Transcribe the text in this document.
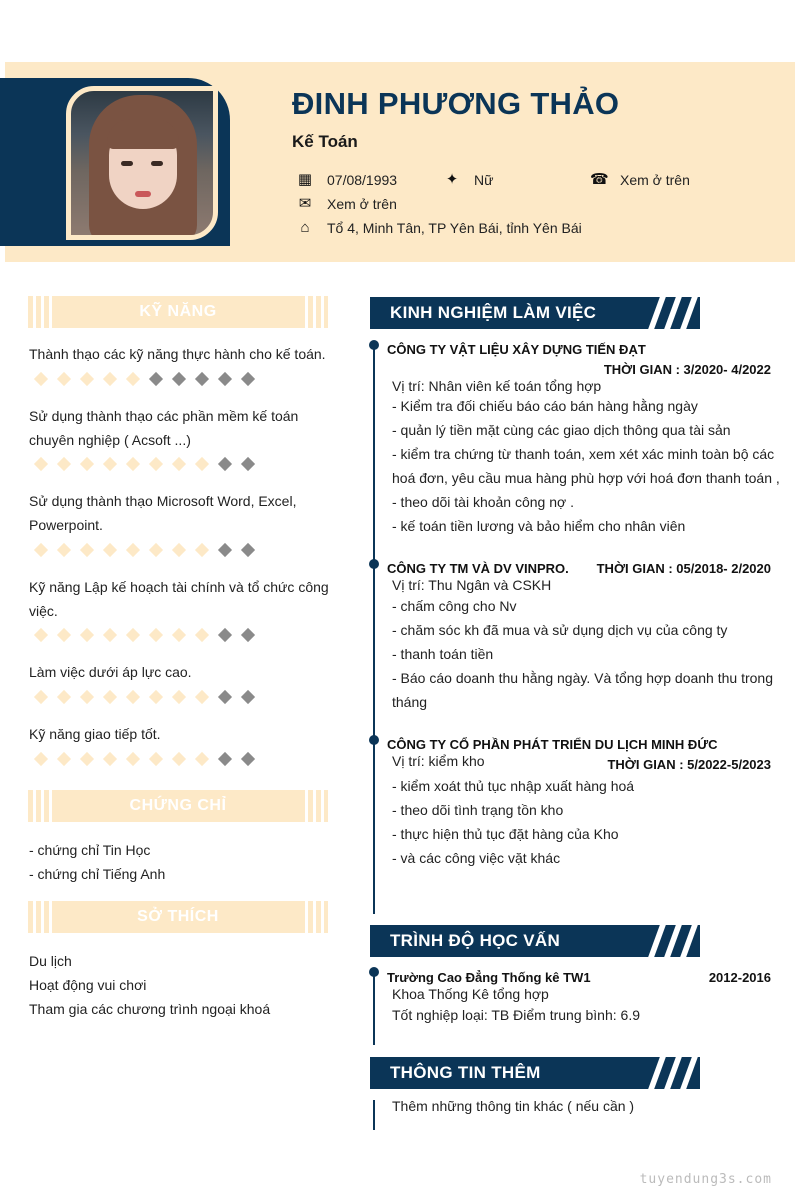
ĐINH PHƯƠNG THẢO
Kế Toán
▦ 07/08/1993	✦ Nữ	☎ Xem ở trên
✉ Xem ở trên
⌂ Tổ 4, Minh Tân, TP Yên Bái, tỉnh Yên Bái
KỸ NĂNG
Thành thạo các kỹ năng thực hành cho kế toán.
Sử dụng thành thạo các phần mềm kế toán chuyên nghiệp ( Acsoft ...)
Sử dụng thành thạo Microsoft Word, Excel, Powerpoint.
Kỹ năng Lập kế hoạch tài chính và tổ chức công việc.
Làm việc dưới áp lực cao.
Kỹ năng giao tiếp tốt.
CHỨNG CHỈ
- chứng chỉ Tin Học
- chứng chỉ Tiếng Anh
SỞ THÍCH
Du lịch
Hoạt động vui chơi
Tham gia các chương trình ngoại khoá
KINH NGHIỆM LÀM VIỆC
CÔNG TY VẬT LIỆU XÂY DỰNG TIẾN ĐẠT
THỜI GIAN : 3/2020- 4/2022
Vị trí: Nhân viên kế toán tổng hợp
- Kiểm tra đối chiếu báo cáo bán hàng hằng ngày
- quản lý tiền mặt cùng các giao dịch thông qua tài sản
- kiểm tra chứng từ thanh toán, xem xét xác minh toàn bộ các
hoá đơn, yêu cầu mua hàng phù hợp với hoá đơn thanh toán ,
- theo dõi tài khoản công nợ .
- kế toán tiền lương và bảo hiểm cho nhân viên
CÔNG TY TM VÀ DV VINPRO. THỜI GIAN : 05/2018- 2/2020
Vị trí: Thu Ngân và CSKH
- chấm công cho Nv
- chăm sóc kh đã mua và sử dụng dịch vụ của công ty
- thanh toán tiền
- Báo cáo doanh thu hằng ngày. Và tổng hợp doanh thu trong
tháng
CÔNG TY CỔ PHẦN PHÁT TRIỂN DU LỊCH MINH ĐỨC
Vị trí: kiểm kho	THỜI GIAN : 5/2022-5/2023
- kiểm xoát thủ tục nhập xuất hàng hoá
- theo dõi tình trạng tồn kho
- thực hiện thủ tục đặt hàng của Kho
- và các công việc vặt khác
TRÌNH ĐỘ HỌC VẤN
Trường Cao Đẳng Thống kê TW1	2012-2016
Khoa Thống Kê tổng hợp
Tốt nghiệp loại: TB Điểm trung bình: 6.9
THÔNG TIN THÊM
Thêm những thông tin khác ( nếu cần )
tuyendung3s.com
